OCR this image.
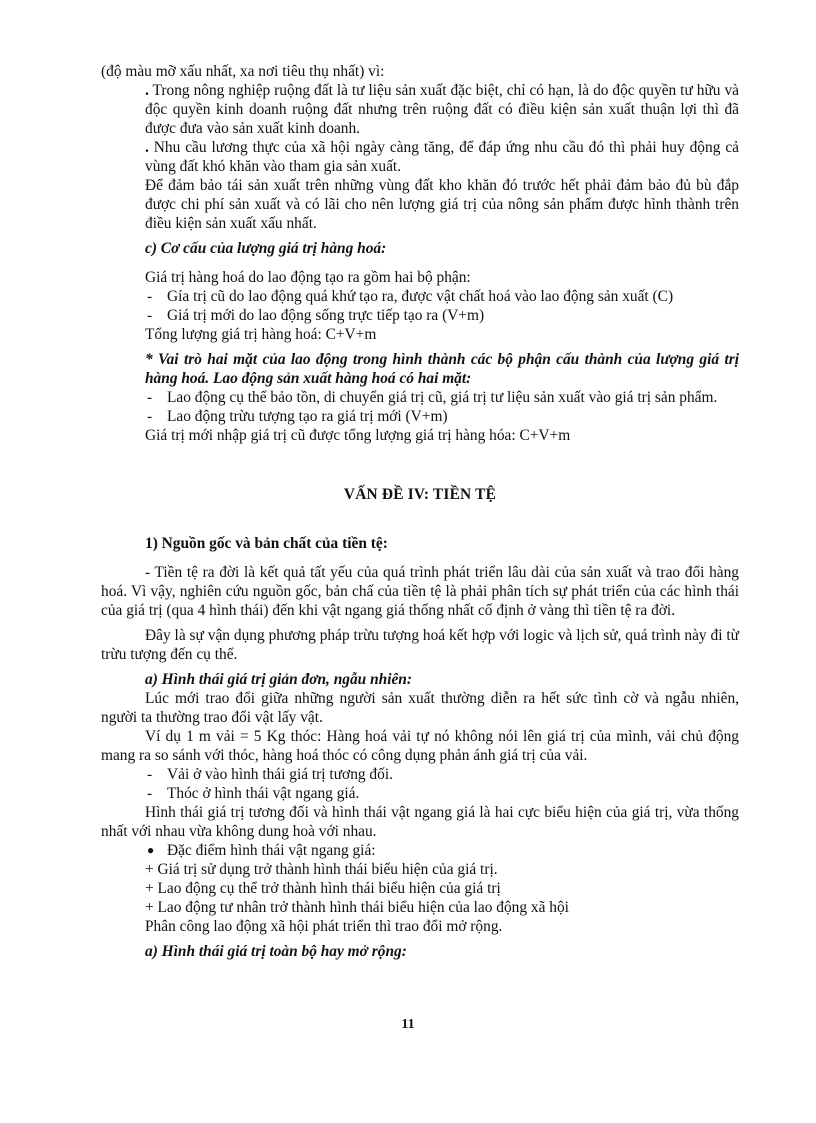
(độ màu mỡ xấu nhất, xa nơi tiêu thụ nhất) vì:

. Trong nông nghiệp ruộng đất là tư liệu sản xuất đặc biệt, chỉ có hạn, là do độc quyền tư hữu và độc quyền kinh doanh ruộng đất nhưng trên ruộng đất có điều kiện sản xuất thuận lợi thì đã được đưa vào sản xuất kinh doanh.

. Nhu cầu lương thực của xã hội ngày càng tăng, để đáp ứng nhu cầu đó thì phải huy động cả vùng đất khó khăn vào tham gia sản xuất.

Để đảm bảo tái sản xuất trên những vùng đất kho khăn đó trước hết phải đảm bảo đủ bù đắp được chi phí sản xuất và có lãi cho nên lượng giá trị của nông sản phẩm được hình thành trên điều kiện sản xuất xấu nhất.

c) Cơ cấu của lượng giá trị hàng hoá:

Giá trị hàng hoá do lao động tạo ra gồm hai bộ phận:

- Gía trị cũ do lao động quá khứ tạo ra, được vật chất hoá vào lao động sản xuất (C)

- Giá trị mới do lao động sống trực tiếp tạo ra (V+m)

Tổng lượng giá trị hàng hoá: C+V+m

* Vai trò hai mặt của lao động trong hình thành các bộ phận cấu thành của lượng giá trị hàng hoá. Lao động sản xuất hàng hoá có hai mặt:

- Lao động cụ thể bảo tồn, di chuyển giá trị cũ, giá trị tư liệu sản xuất vào giá trị sản phẩm.

- Lao động trừu tượng tạo ra giá trị mới (V+m)

Giá trị mới nhập giá trị cũ được tổng lượng giá trị hàng hóa: C+V+m

VẤN ĐỀ IV: TIỀN TỆ

1) Nguồn gốc và bản chất của tiền tệ:

- Tiền tệ ra đời là kết quả tất yếu của quá trình phát triển lâu dài của sản xuất và trao đổi hàng hoá. Vì vậy, nghiên cứu nguồn gốc, bản chấ của tiền tệ là phải phân tích sự phát triển của các hình thái của giá trị (qua 4 hình thái) đến khi vật ngang giá thống nhất cố định ở vàng thì tiền tệ ra đời.

Đây là sự vận dụng phương pháp trừu tượng hoá kết hợp với logic và lịch sử, quá trình này đi từ trừu tượng đến cụ thể.

a) Hình thái giá trị giản đơn, ngẫu nhiên:

Lúc mới trao đổi giữa những người sản xuất thường diễn ra hết sức tình cờ và ngẫu nhiên, người ta thường trao đổi vật lấy vật.

Ví dụ 1 m vải = 5 Kg thóc: Hàng hoá vải tự nó không nói lên giá trị của mình, vải chủ động mang ra so sánh với thóc, hàng hoá thóc có công dụng phản ánh giá trị của vải.

- Vải ở vào hình thái giá trị tương đối.

- Thóc ở hình thái vật ngang giá.

Hình thái giá trị tương đối và hình thái vật ngang giá là hai cực biểu hiện của giá trị, vừa thống nhất với nhau vừa không dung hoà với nhau.

● Đặc điểm hình thái vật ngang giá:

+ Giá trị sử dụng trở thành hình thái biểu hiện của giá trị.

+ Lao động cụ thể trở thành hình thái biểu hiện của giá trị

+ Lao động tư nhân trở thành hình thái biểu hiện của lao động xã hội

Phân công lao động xã hội phát triển thì trao đổi mở rộng.

a) Hình thái giá trị toàn bộ hay mở rộng:

11
